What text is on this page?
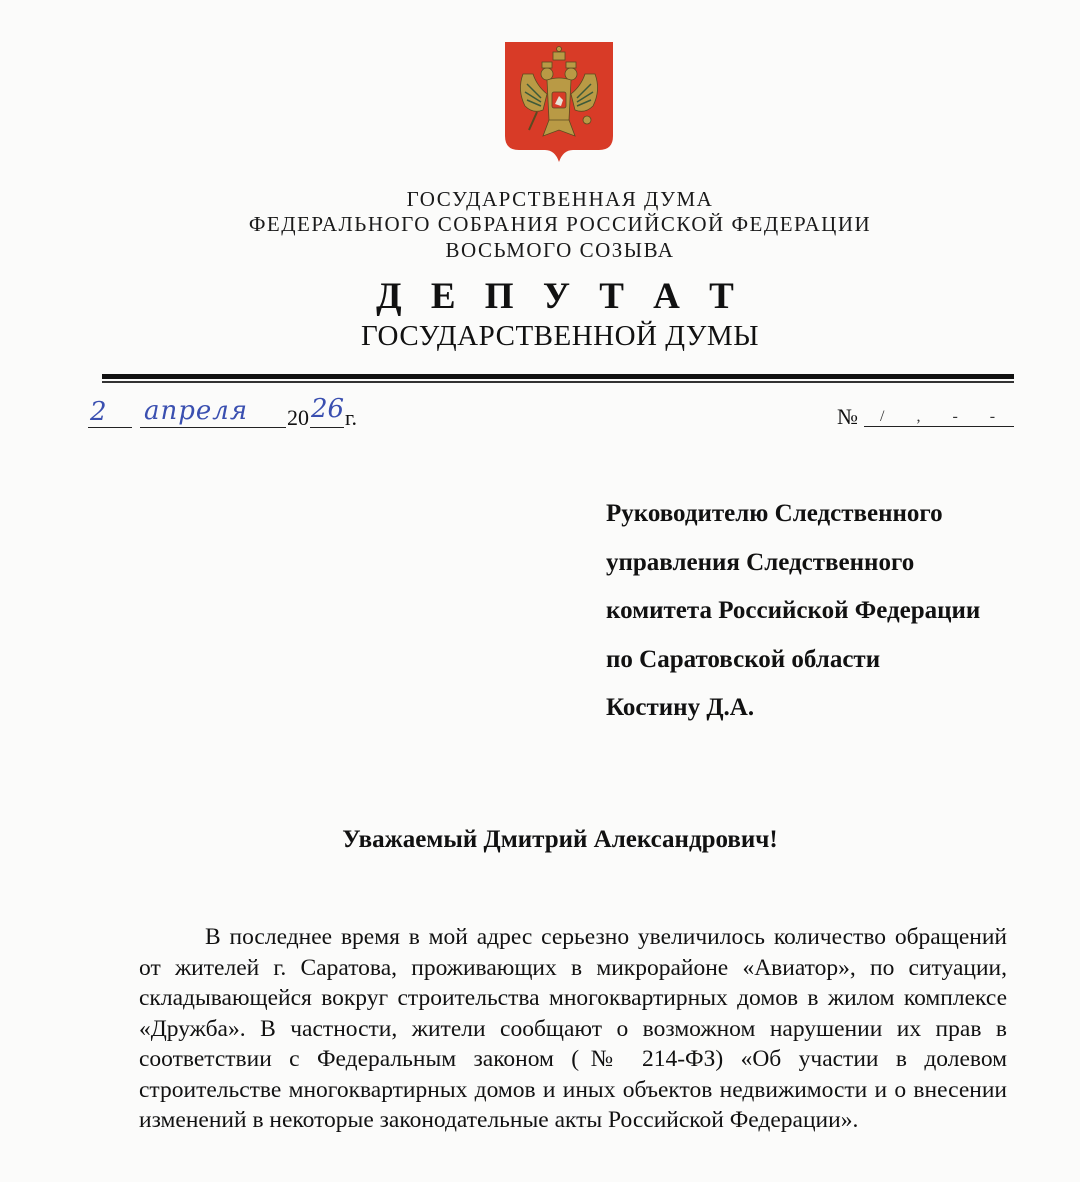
ГОСУДАРСТВЕННАЯ ДУМА
ФЕДЕРАЛЬНОГО СОБРАНИЯ РОССИЙСКОЙ ФЕДЕРАЦИИ
ВОСЬМОГО СОЗЫВА
Д Е П У Т А Т
ГОСУДАРСТВЕННОЙ ДУМЫ
2 апреля 20 26 г.	№ / , - -
Руководителю Следственного
управления Следственного
комитета Российской Федерации
по Саратовской области
Костину Д.А.
Уважаемый Дмитрий Александрович!

В последнее время в мой адрес серьезно увеличилось количество обращений от жителей г. Саратова, проживающих в микрорайоне «Авиатор», по ситуации, складывающейся вокруг строительства многоквартирных домов в жилом комплексе «Дружба». В частности, жители сообщают о возможном нарушении их прав в соответствии с Федеральным законом (№ 214-ФЗ) «Об участии в долевом строительстве многоквартирных домов и иных объектов недвижимости и о внесении изменений в некоторые законодательные акты Российской Федерации».
